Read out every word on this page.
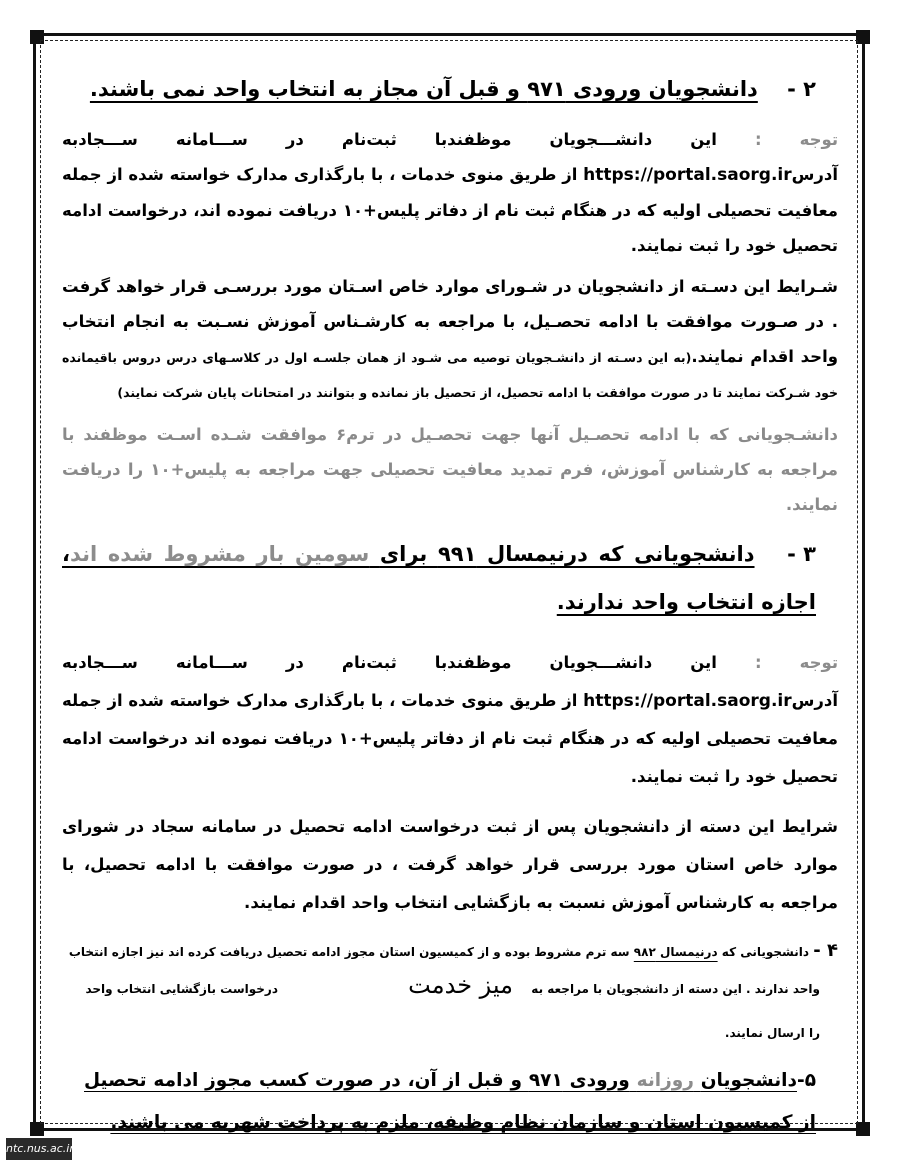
۲ - دانشجویان ورودی ۹۷۱ و قبل آن مجاز به انتخاب واحد نمی باشند.

توجه : این دانشـــجویان موظفندبا ثبت‌نام در ســـامانه ســـجادبه آدرسhttps://portal.saorg.ir از طریق منوی خدمات ، با بارگذاری مدارک خواسته شده از جمله معافیت تحصیلی اولیه که در هنگام ثبت نام از دفاتر پلیس+۱۰ دریافت نموده اند، درخواست ادامه تحصیل خود را ثبت نمایند.

شـرایط این دسـته از دانشجویان در شـورای موارد خاص اسـتان مورد بررسـی قرار خواهد گرفت . در صـورت موافقت با ادامه تحصـیل، با مراجعه به کارشـناس آموزش نسـبت به انجام انتخاب واحد اقدام نمایند.(به این دسـته از دانشـجویان توصیه می شـود از همان جلسـه اول در کلاسـهای درس دروس باقیمانده خود شـرکت نمایند تا در صورت موافقت با ادامه تحصیل، از تحصیل باز نمانده و بتوانند در امتحانات پایان شرکت نمایند)

دانشـجویانی که با ادامه تحصـیل آنها جهت تحصـیل در ترم۶ موافقت شـده اسـت موظفند با مراجعه به کارشناس آموزش، فرم تمدید معافیت تحصیلی جهت مراجعه به پلیس+۱۰ را دریافت نمایند.

۳ - دانشجویانی که درنیمسال ۹۹۱ برای سومین بار مشروط شده اند، اجازه انتخاب واحد ندارند.

توجه : این دانشـــجویان موظفندبا ثبت‌نام در ســـامانه ســـجادبه آدرسhttps://portal.saorg.ir از طریق منوی خدمات ، با بارگذاری مدارک خواسته شده از جمله معافیت تحصیلی اولیه که در هنگام ثبت نام از دفاتر پلیس+۱۰ دریافت نموده اند درخواست ادامه تحصیل خود را ثبت نمایند.

شرایط این دسته از دانشجویان پس از ثبت درخواست ادامه تحصیل در سامانه سجاد در شورای موارد خاص استان مورد بررسی قرار خواهد گرفت ، در صورت موافقت با ادامه تحصیل، با مراجعه به کارشناس آموزش نسبت به بازگشایی انتخاب واحد اقدام نمایند.

۴ - دانشجویانی که درنیمسال ۹۸۲ سه ترم مشروط بوده و از کمیسیون استان مجوز ادامه تحصیل دریافت کرده اند نیز اجازه انتخاب
واحد ندارند . این دسته از دانشجویان با مراجعه به
میز خدمت
درخواست بازگشایی انتخاب واحد
را ارسال نمایند.

۵-دانشجویان روزانه ورودی ۹۷۱ و قبل از آن، در صورت کسب مجوز ادامه تحصیل از کمیسیون استان و سازمان نظام وظیفه، ملزم به پرداخت شهریه می باشند.

ntc.nus.ac.ir
